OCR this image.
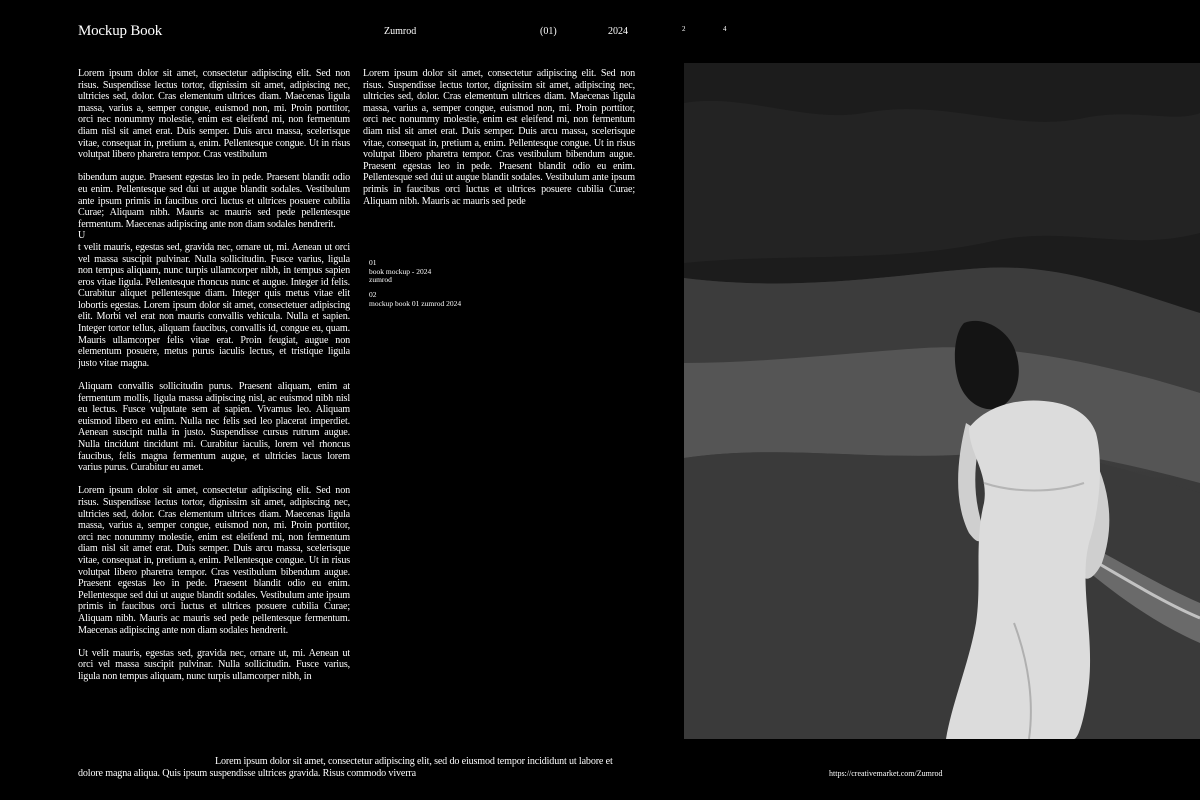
Mockup Book	Zumrod	(01)	2024	2	4

Lorem ipsum dolor sit amet, consectetur adipiscing elit. Sed non risus. Suspendisse lectus tortor, dignissim sit amet, adipiscing nec, ultricies sed, dolor. Cras elementum ultrices diam. Maecenas ligula massa, varius a, semper congue, euismod non, mi. Proin porttitor, orci nec nonummy molestie, enim est eleifend mi, non fermentum diam nisl sit amet erat. Duis semper. Duis arcu massa, scelerisque vitae, consequat in, pretium a, enim. Pellentesque congue. Ut in risus volutpat libero pharetra tempor. Cras vestibulum

bibendum augue. Praesent egestas leo in pede. Praesent blandit odio eu enim. Pellentesque sed dui ut augue blandit sodales. Vestibulum ante ipsum primis in faucibus orci luctus et ultrices posuere cubilia Curae; Aliquam nibh. Mauris ac mauris sed pede pellentesque fermentum. Maecenas adipiscing ante non diam sodales hendrerit.

U

t velit mauris, egestas sed, gravida nec, ornare ut, mi. Aenean ut orci vel massa suscipit pulvinar. Nulla sollicitudin. Fusce varius, ligula non tempus aliquam, nunc turpis ullamcorper nibh, in tempus sapien eros vitae ligula. Pellentesque rhoncus nunc et augue. Integer id felis. Curabitur aliquet pellentesque diam. Integer quis metus vitae elit lobortis egestas. Lorem ipsum dolor sit amet, consectetuer adipiscing elit. Morbi vel erat non mauris convallis vehicula. Nulla et sapien. Integer tortor tellus, aliquam faucibus, convallis id, congue eu, quam. Mauris ullamcorper felis vitae erat. Proin feugiat, augue non elementum posuere, metus purus iaculis lectus, et tristique ligula justo vitae magna.

Aliquam convallis sollicitudin purus. Praesent aliquam, enim at fermentum mollis, ligula massa adipiscing nisl, ac euismod nibh nisl eu lectus. Fusce vulputate sem at sapien. Vivamus leo. Aliquam euismod libero eu enim. Nulla nec felis sed leo placerat imperdiet. Aenean suscipit nulla in justo. Suspendisse cursus rutrum augue. Nulla tincidunt tincidunt mi. Curabitur iaculis, lorem vel rhoncus faucibus, felis magna fermentum augue, et ultricies lacus lorem varius purus. Curabitur eu amet.

Lorem ipsum dolor sit amet, consectetur adipiscing elit. Sed non risus. Suspendisse lectus tortor, dignissim sit amet, adipiscing nec, ultricies sed, dolor. Cras elementum ultrices diam. Maecenas ligula massa, varius a, semper congue, euismod non, mi. Proin porttitor, orci nec nonummy molestie, enim est eleifend mi, non fermentum diam nisl sit amet erat. Duis semper. Duis arcu massa, scelerisque vitae, consequat in, pretium a, enim. Pellentesque congue. Ut in risus volutpat libero pharetra tempor. Cras vestibulum bibendum augue. Praesent egestas leo in pede. Praesent blandit odio eu enim. Pellentesque sed dui ut augue blandit sodales. Vestibulum ante ipsum primis in faucibus orci luctus et ultrices posuere cubilia Curae; Aliquam nibh. Mauris ac mauris sed pede pellentesque fermentum. Maecenas adipiscing ante non diam sodales hendrerit.

Ut velit mauris, egestas sed, gravida nec, ornare ut, mi. Aenean ut orci vel massa suscipit pulvinar. Nulla sollicitudin. Fusce varius, ligula non tempus aliquam, nunc turpis ullamcorper nibh, in

Lorem ipsum dolor sit amet, consectetur adipiscing elit. Sed non risus. Suspendisse lectus tortor, dignissim sit amet, adipiscing nec, ultricies sed, dolor. Cras elementum ultrices diam. Maecenas ligula massa, varius a, semper congue, euismod non, mi. Proin porttitor, orci nec nonummy molestie, enim est eleifend mi, non fermentum diam nisl sit amet erat. Duis semper. Duis arcu massa, scelerisque vitae, consequat in, pretium a, enim. Pellentesque congue. Ut in risus volutpat libero pharetra tempor. Cras vestibulum bibendum augue. Praesent egestas leo in pede. Praesent blandit odio eu enim. Pellentesque sed dui ut augue blandit sodales. Vestibulum ante ipsum primis in faucibus orci luctus et ultrices posuere cubilia Curae; Aliquam nibh. Mauris ac mauris sed pede

01
book mockup - 2024
zumrod
02
mockup book 01 zumrod 2024
Lorem ipsum dolor sit amet, consectetur adipiscing elit, sed do eiusmod tempor incididunt ut labore et dolore magna aliqua. Quis ipsum suspendisse ultrices gravida. Risus commodo viverra	https://creativemarket.com/Zumrod
